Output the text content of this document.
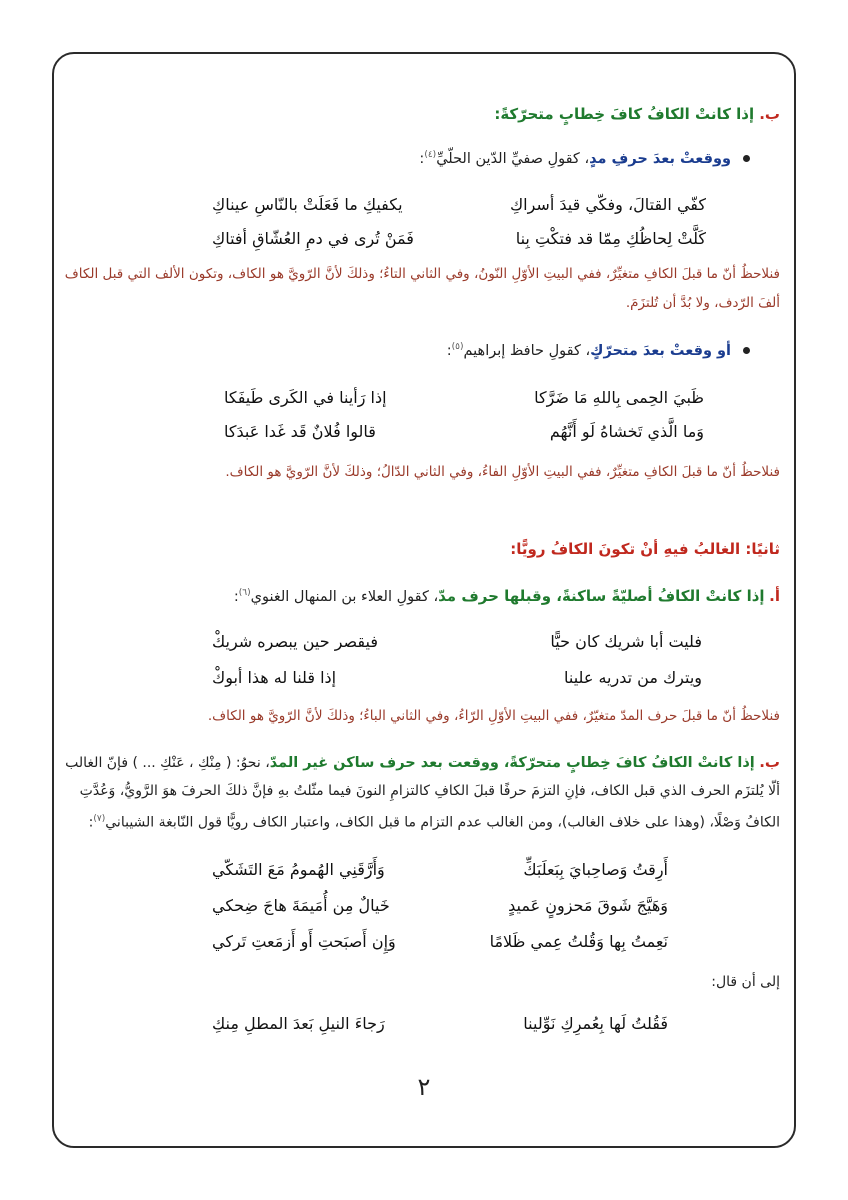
ب. إذا كانتْ الكافُ كافَ خِطابٍ متحرّكةً:
ووقعتْ بعدَ حرفِ مدٍ، كقولِ صفيِّ الدّين الحلّيِّ$^{(٤)}$:
كفّي القتالَ، وفكّي قيدَ أسراكِ
يكفيكِ ما فَعَلَتْ بالنّاسِ عيناكِ
كَلَّتْ لِحاظُكِ مِمّا قد فتكْتِ بِنا
فَمَنْ تُرى في دمِ العُشّاقِ أفتاكِ
فنلاحظُ أنّ ما قبلَ الكافِ متغيِّرٌ، ففي البيتِ الأوّلِ النّونُ، وفي الثاني التاءُ؛ وذلكَ لأنَّ الرّويَّ هو الكاف، وتكون الألف التي قبل الكاف ألفَ الرّدف، ولا بُدَّ أن تُلتزَمَ.
أو وقعتْ بعدَ متحرّكٍ، كقولِ حافظ إبراهيم$^{(٥)}$:
ظَبيَ الحِمى بِاللهِ مَا ضَرَّكا
إذا رَأينا في الكَرى طَيفَكا
وَما الَّذي تَخشاهُ لَو أَنَّهُم
قالوا فُلانٌ قَد غَدا عَبدَكا
فنلاحظُ أنّ ما قبلَ الكافِ متغيِّرٌ، ففي البيتِ الأوّلِ الفاءُ، وفي الثاني الدّالُ؛ وذلكَ لأنَّ الرّويَّ هو الكاف.
ثانيًا: الغالبُ فيهِ أنْ تكونَ الكافُ رويًّا:
أ. إذا كانتْ الكافُ أصليّةً ساكنةً، وقبلها حرف مدّ، كقولِ العلاء بن المنهال الغنوي$^{(٦)}$:
فليت أبا شريك كان حيًّا
فيقصر حين يبصره شريكْ
ويترك من تدريه علينا
إذا قلنا له هذا أبوكْ
فنلاحظُ أنّ ما قبلَ حرف المدّ متغيّرٌ، ففي البيتِ الأوّلِ الرّاءُ، وفي الثاني الباءُ؛ وذلكَ لأنَّ الرّويَّ هو الكاف.
ب. إذا كانتْ الكافُ كافَ خِطابٍ متحرّكةً، ووقعت بعد حرف ساكن غير المدّ، نحوُ: ( مِنْكِ ، عَنْكِ ... ) فإنّ الغالب ألّا يُلتزَم الحرف الذي قبل الكاف، فإنِ التزمَ حرفًا قبلَ الكافِ كالتزامِ النونَ فيما مثّلتُ بهِ فإنَّ ذلكَ الحرفَ هوَ الرَّويُّ، وَعُدَّتِ الكافُ وَصْلًا، (وهذا على خلاف الغالب)، ومن الغالب عدم التزام ما قبل الكاف، واعتبار الكاف رويًّا قول النّابغة الشيباني$^{(٧)}$:
أَرِقتُ وَصاحِبايَ بِبَعلَبَكِّ
وَأَرَّقَنِي الهُمومُ مَعَ التَشَكّي
وَهَيَّجَ شَوقَ مَحزونٍ عَميدٍ
خَيالٌ مِن أُمَيمَةَ هاجَ ضِحكي
نَعِمتُ بِها وَقُلتُ عِمي ظَلامًا
وَإِن أَصبَحتِ أَو أَزمَعتِ تَركي
إلى أن قال:
فَقُلتُ لَها بِعُمرِكِ نَوِّلينا
رَجاءَ النيلِ بَعدَ المطلِ مِنكِ
٢
